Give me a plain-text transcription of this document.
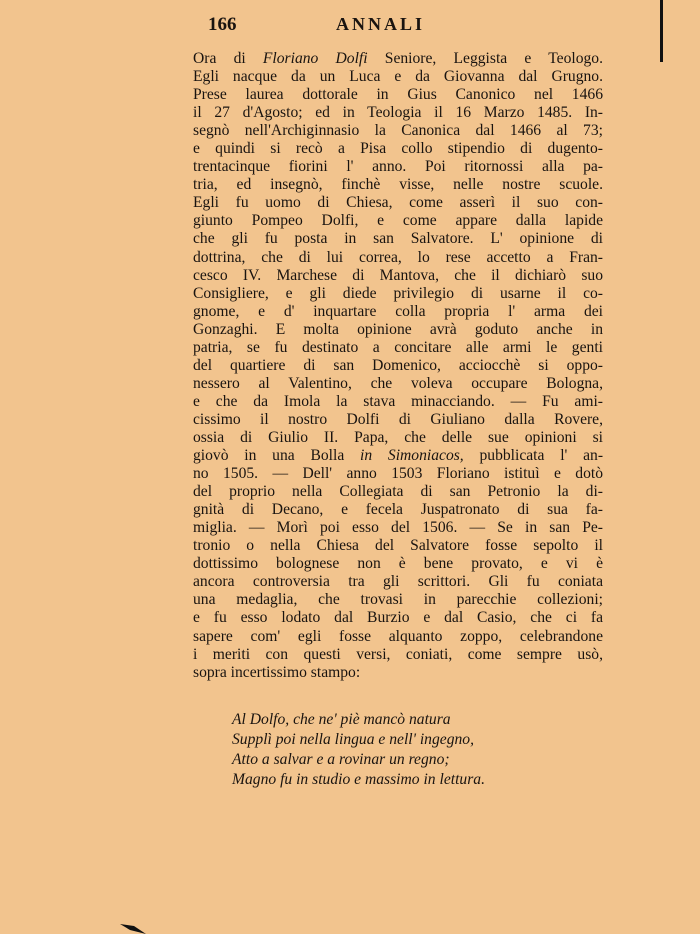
166	ANNALI
Ora di Floriano Dolfi Seniore, Leggista e Teologo.
Egli nacque da un Luca e da Giovanna dal Grugno.
Prese laurea dottorale in Gius Canonico nel 1466
il 27 d'Agosto; ed in Teologia il 16 Marzo 1485. In-
segnò nell'Archiginnasio la Canonica dal 1466 al 73;
e quindi si recò a Pisa collo stipendio di dugento-
trentacinque fiorini l' anno. Poi ritornossi alla pa-
tria, ed insegnò, finchè visse, nelle nostre scuole.
Egli fu uomo di Chiesa, come asserì il suo con-
giunto Pompeo Dolfi, e come appare dalla lapide
che gli fu posta in san Salvatore. L' opinione di
dottrina, che di lui correa, lo rese accetto a Fran-
cesco IV. Marchese di Mantova, che il dichiarò suo
Consigliere, e gli diede privilegio di usarne il co-
gnome, e d' inquartare colla propria l' arma dei
Gonzaghi. E molta opinione avrà goduto anche in
patria, se fu destinato a concitare alle armi le genti
del quartiere di san Domenico, acciocchè si oppo-
nessero al Valentino, che voleva occupare Bologna,
e che da Imola la stava minacciando. — Fu ami-
cissimo il nostro Dolfi di Giuliano dalla Rovere,
ossia di Giulio II. Papa, che delle sue opinioni si
giovò in una Bolla in Simoniacos, pubblicata l' an-
no 1505. — Dell' anno 1503 Floriano istituì e dotò
del proprio nella Collegiata di san Petronio la di-
gnità di Decano, e fecela Juspatronato di sua fa-
miglia. — Morì poi esso del 1506. — Se in san Pe-
tronio o nella Chiesa del Salvatore fosse sepolto il
dottissimo bolognese non è bene provato, e vi è
ancora controversia tra gli scrittori. Gli fu coniata
una medaglia, che trovasi in parecchie collezioni;
e fu esso lodato dal Burzio e dal Casio, che ci fa
sapere com' egli fosse alquanto zoppo, celebrandone
i meriti con questi versi, coniati, come sempre usò,
sopra incertissimo stampo:
Al Dolfo, che ne' piè mancò natura
Supplì poi nella lingua e nell' ingegno,
Atto a salvar e a rovinar un regno;
Magno fu in studio e massimo in lettura.
